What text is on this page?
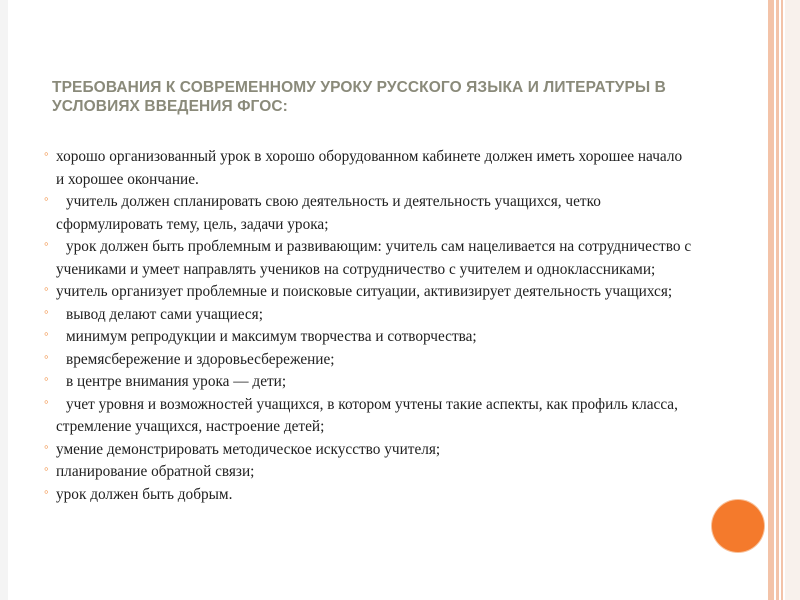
ТРЕБОВАНИЯ К СОВРЕМЕННОМУ УРОКУ РУССКОГО ЯЗЫКА И ЛИТЕРАТУРЫ В УСЛОВИЯХ ВВЕДЕНИЯ ФГОС:
◦ хорошо организованный урок в хорошо оборудованном кабинете должен иметь хорошее начало и хорошее окончание.
◦ учитель должен спланировать свою деятельность и деятельность учащихся, четко сформулировать тему, цель, задачи урока;
◦ урок должен быть проблемным и развивающим: учитель сам нацеливается на сотрудничество с учениками и умеет направлять учеников на сотрудничество с учителем и одноклассниками;
◦ учитель организует проблемные и поисковые ситуации, активизирует деятельность учащихся;
◦ вывод делают сами учащиеся;
◦ минимум репродукции и максимум творчества и сотворчества;
◦ времясбережение и здоровьесбережение;
◦ в центре внимания урока — дети;
◦ учет уровня и возможностей учащихся, в котором учтены такие аспекты, как профиль класса, стремление учащихся, настроение детей;
◦ умение демонстрировать методическое искусство учителя;
◦ планирование обратной связи;
◦ урок должен быть добрым.
